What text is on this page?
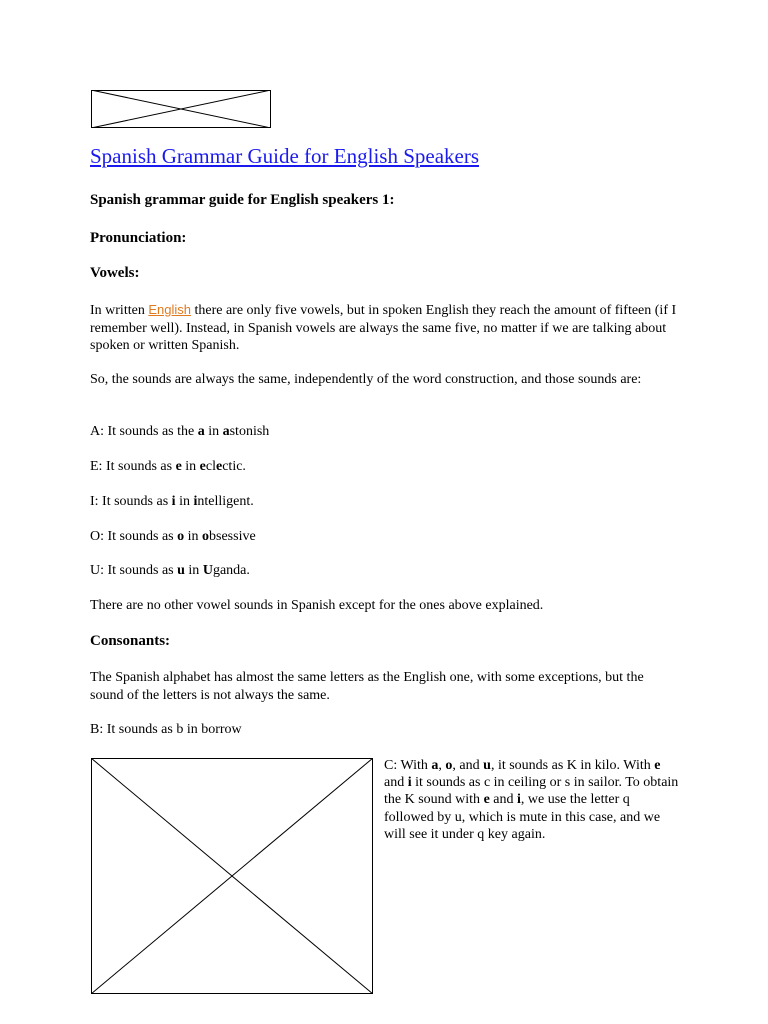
Spanish Grammar Guide for English Speakers

Spanish grammar guide for English speakers 1:

Pronunciation:

Vowels:

In written English there are only five vowels, but in spoken English they reach the amount of fifteen (if I remember well). Instead, in Spanish vowels are always the same five, no matter if we are talking about spoken or written Spanish.

So, the sounds are always the same, independently of the word construction, and those sounds are:

A: It sounds as the a in astonish

E: It sounds as e in eclectic.

I: It sounds as i in intelligent.

O: It sounds as o in obsessive

U: It sounds as u in Uganda.

There are no other vowel sounds in Spanish except for the ones above explained.

Consonants:

The Spanish alphabet has almost the same letters as the English one, with some exceptions, but the sound of the letters is not always the same.

B: It sounds as b in borrow

C: With a, o, and u, it sounds as K in kilo. With e and i it sounds as c in ceiling or s in sailor. To obtain the K sound with e and i, we use the letter q followed by u, which is mute in this case, and we will see it under q key again.
